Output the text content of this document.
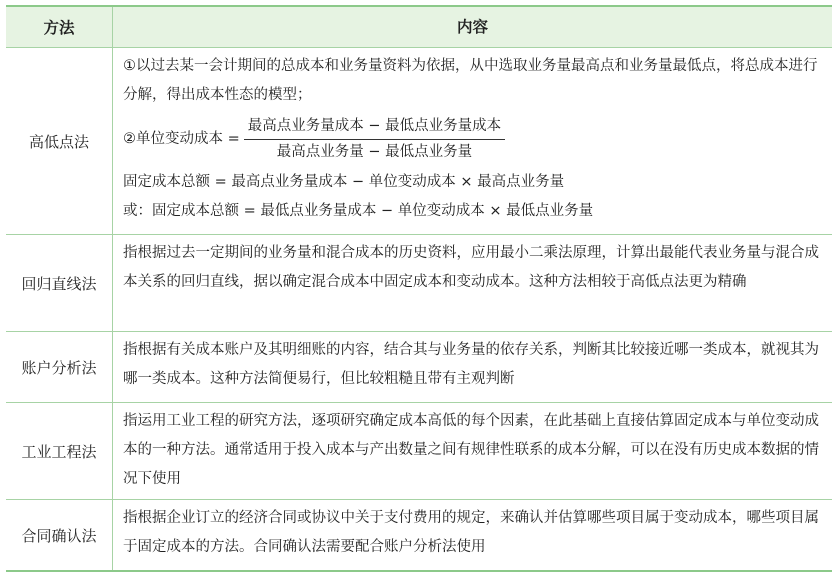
方法	内容
高低点法
①以过去某一会计期间的总成本和业务量资料为依据，从中选取业务量最高点和业务量最低点，将总成本进行分解，得出成本性态的模型；
②单位变动成本 = $\frac{\text{最高点业务量成本 − 最低点业务量成本}}{\text{最高点业务量 − 最低点业务量}}$
固定成本总额 = 最高点业务量成本 − 单位变动成本 × 最高点业务量
或：固定成本总额 = 最低点业务量成本 − 单位变动成本 × 最低点业务量
回归直线法
指根据过去一定期间的业务量和混合成本的历史资料，应用最小二乘法原理，计算出最能代表业务量与混合成本关系的回归直线，据以确定混合成本中固定成本和变动成本。这种方法相较于高低点法更为精确
账户分析法
指根据有关成本账户及其明细账的内容，结合其与业务量的依存关系，判断其比较接近哪一类成本，就视其为哪一类成本。这种方法简便易行，但比较粗糙且带有主观判断
工业工程法
指运用工业工程的研究方法，逐项研究确定成本高低的每个因素，在此基础上直接估算固定成本与单位变动成本的一种方法。通常适用于投入成本与产出数量之间有规律性联系的成本分解，可以在没有历史成本数据的情况下使用
合同确认法
指根据企业订立的经济合同或协议中关于支付费用的规定，来确认并估算哪些项目属于变动成本，哪些项目属于固定成本的方法。合同确认法需要配合账户分析法使用
